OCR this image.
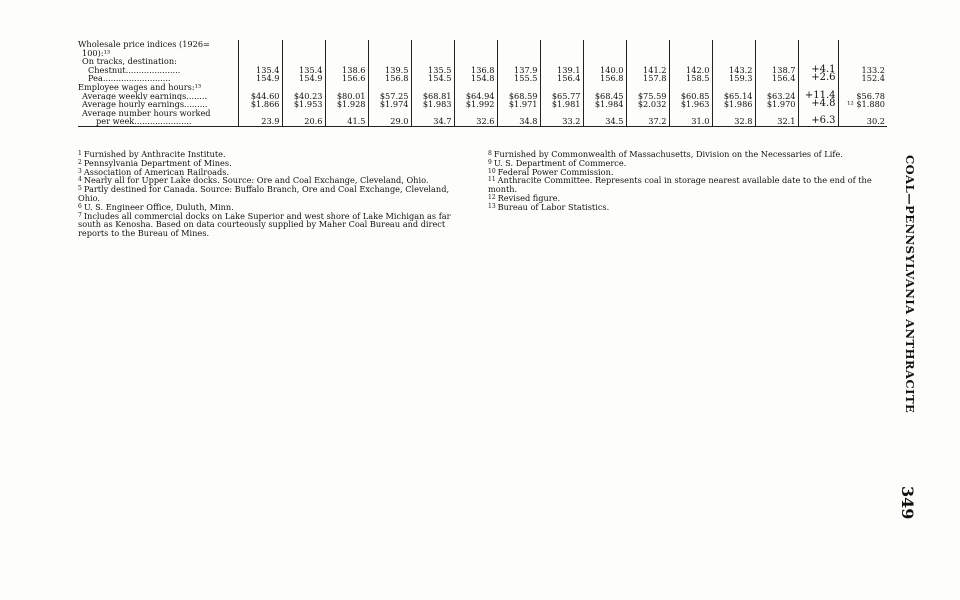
Wholesale price indices (1926=															
100):¹³															
On tracks, destination:															
Chestnut.....................	135.4	135.4	138.6	139.5	135.5	136.8	137.9	139.1	140.0	141.2	142.0	143.2	138.7	+4.1	133.2
Pea..........................	154.9	154.9	156.6	156.8	154.5	154.8	155.5	156.4	156.8	157.8	158.5	159.3	156.4	+2.6	152.4
Employee wages and hours:¹³															
Average weekly earnings........	$44.60	$40.23	$80.01	$57.25	$68.81	$64.94	$68.59	$65.77	$68.45	$75.59	$60.85	$65.14	$63.24	+11.4	$56.78
Average hourly earnings.........	$1.866	$1.953	$1.928	$1.974	$1.983	$1.992	$1.971	$1.981	$1.984	$2.032	$1.963	$1.986	$1.970	+4.8	¹² $1.880
Average number hours worked															
per week......................	23.9	20.6	41.5	29.0	34.7	32.6	34.8	33.2	34.5	37.2	31.0	32.8	32.1	+6.3	30.2
$^1$ Furnished by Anthracite Institute.
$^2$ Pennsylvania Department of Mines.
$^3$ Association of American Railroads.
$^4$ Nearly all for Upper Lake docks. Source: Ore and Coal Exchange, Cleveland, Ohio.
$^5$ Partly destined for Canada. Source: Buffalo Branch, Ore and Coal Exchange, Cleveland, Ohio.
$^6$ U. S. Engineer Office, Duluth, Minn.
$^7$ Includes all commercial docks on Lake Superior and west shore of Lake Michigan as far south as Kenosha. Based on data courteously supplied by Maher Coal Bureau and direct reports to the Bureau of Mines.
$^8$ Furnished by Commonwealth of Massachusetts, Division on the Necessaries of Life.
$^9$ U. S. Department of Commerce.
$^{10}$ Federal Power Commission.
$^{11}$ Anthracite Committee. Represents coal in storage nearest available date to the end of the month.
$^{12}$ Revised figure.
$^{13}$ Bureau of Labor Statistics.	COAL—PENNSYLVANIA ANTHRACITE
349
